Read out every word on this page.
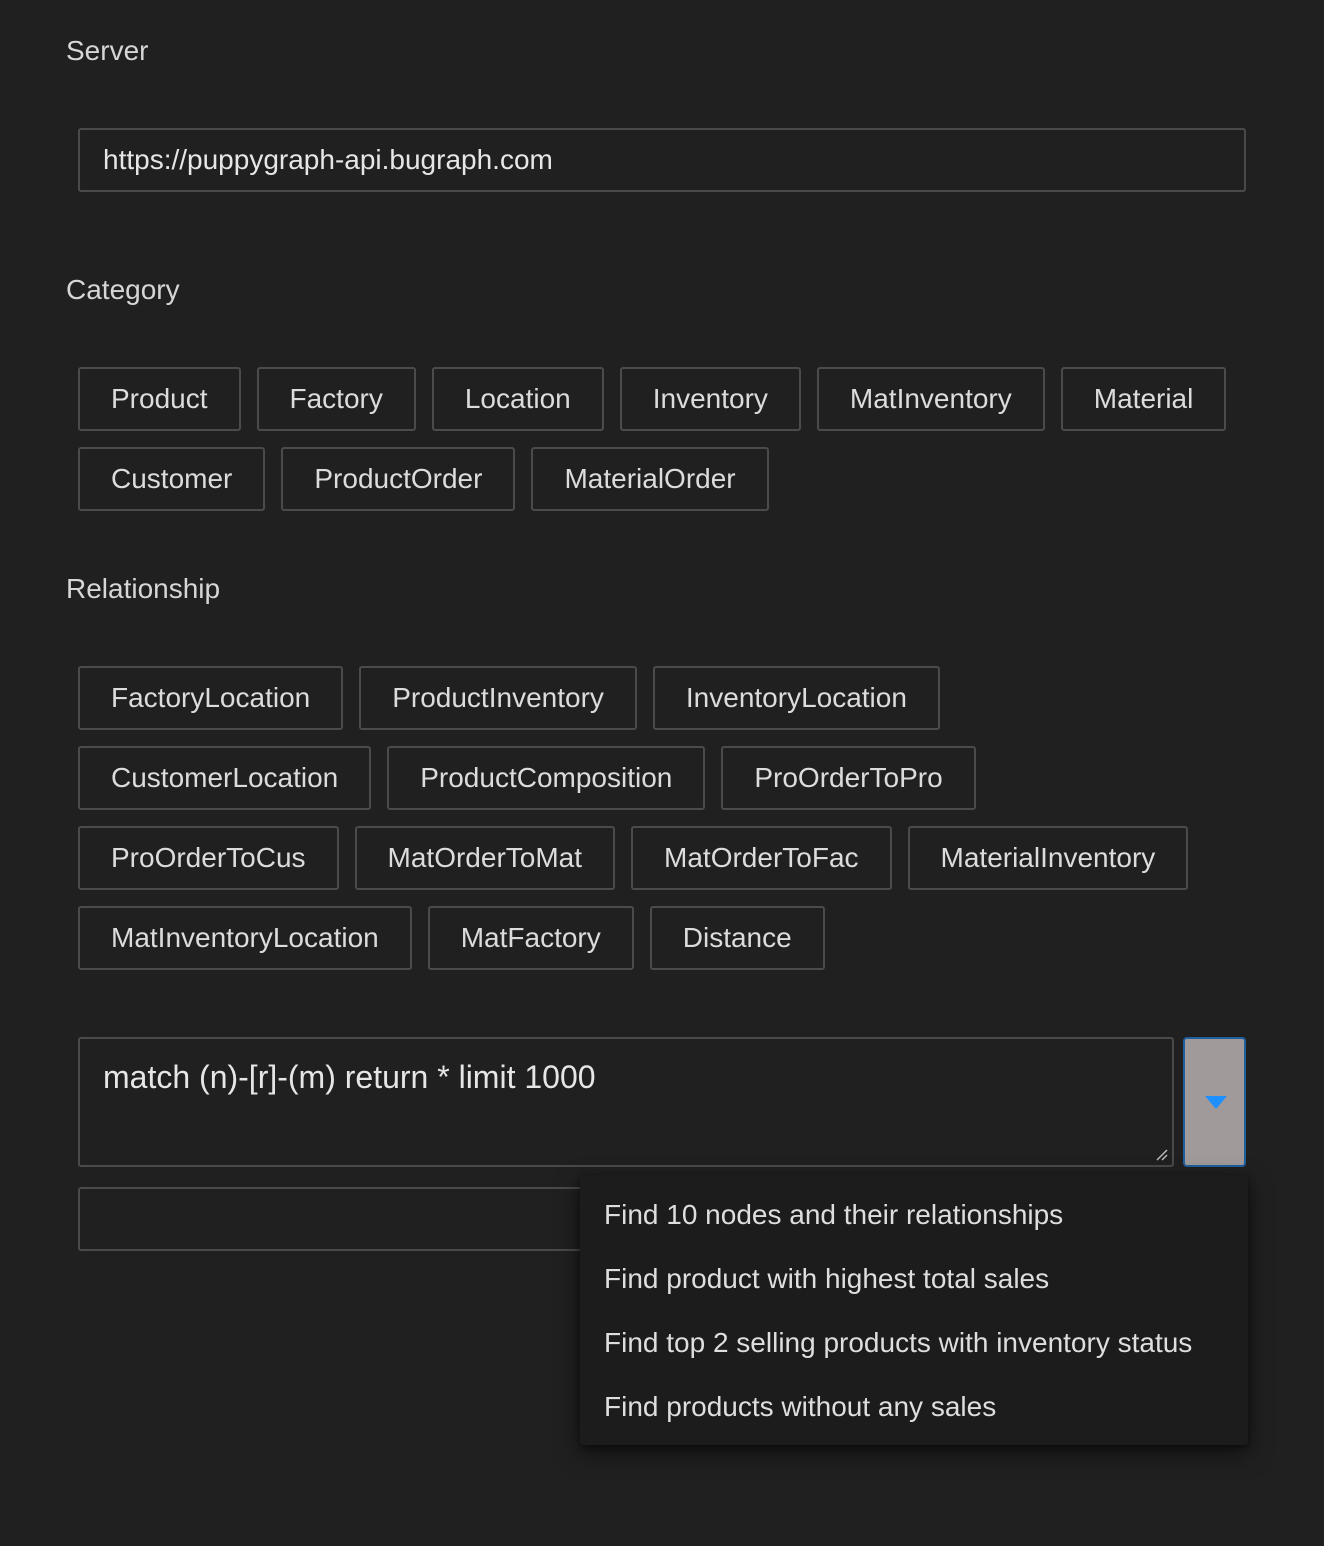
Server
https://puppygraph-api.bugraph.com
Category
Product	Factory	Location	Inventory	MatInventory	Material
Customer	ProductOrder	MaterialOrder
Relationship
FactoryLocation	ProductInventory	InventoryLocation
CustomerLocation	ProductComposition	ProOrderToPro
ProOrderToCus	MatOrderToMat	MatOrderToFac	MaterialInventory
MatInventoryLocation	MatFactory	Distance
match (n)-[r]-(m) return * limit 1000
Find 10 nodes and their relationships
Find product with highest total sales
Find top 2 selling products with inventory status
Find products without any sales
